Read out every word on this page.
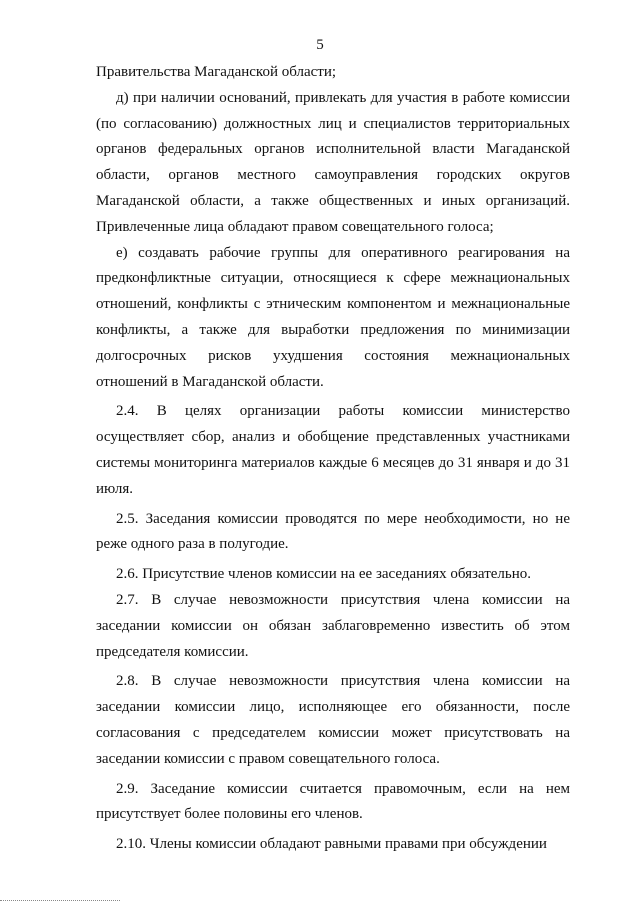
5

Правительства Магаданской области;

д) при наличии оснований, привлекать для участия в работе комиссии (по согласованию) должностных лиц и специалистов территориальных органов федеральных органов исполнительной власти Магаданской области, органов местного самоуправления городских округов Магаданской области, а также общественных и иных организаций. Привлеченные лица обладают правом совещательного голоса;

е) создавать рабочие группы для оперативного реагирования на предконфликтные ситуации, относящиеся к сфере межнациональных отношений, конфликты с этническим компонентом и межнациональные конфликты, а также для выработки предложения по минимизации долгосрочных рисков ухудшения состояния межнациональных отношений в Магаданской области.

2.4. В целях организации работы комиссии министерство осуществляет сбор, анализ и обобщение представленных участниками системы мониторинга материалов каждые 6 месяцев до 31 января и до 31 июля.

2.5. Заседания комиссии проводятся по мере необходимости, но не реже одного раза в полугодие.

2.6. Присутствие членов комиссии на ее заседаниях обязательно.

2.7. В случае невозможности присутствия члена комиссии на заседании комиссии он обязан заблаговременно известить об этом председателя комиссии.

2.8. В случае невозможности присутствия члена комиссии на заседании комиссии лицо, исполняющее его обязанности, после согласования с председателем комиссии может присутствовать на заседании комиссии с правом совещательного голоса.

2.9. Заседание комиссии считается правомочным, если на нем присутствует более половины его членов.

2.10. Члены комиссии обладают равными правами при обсуждении
